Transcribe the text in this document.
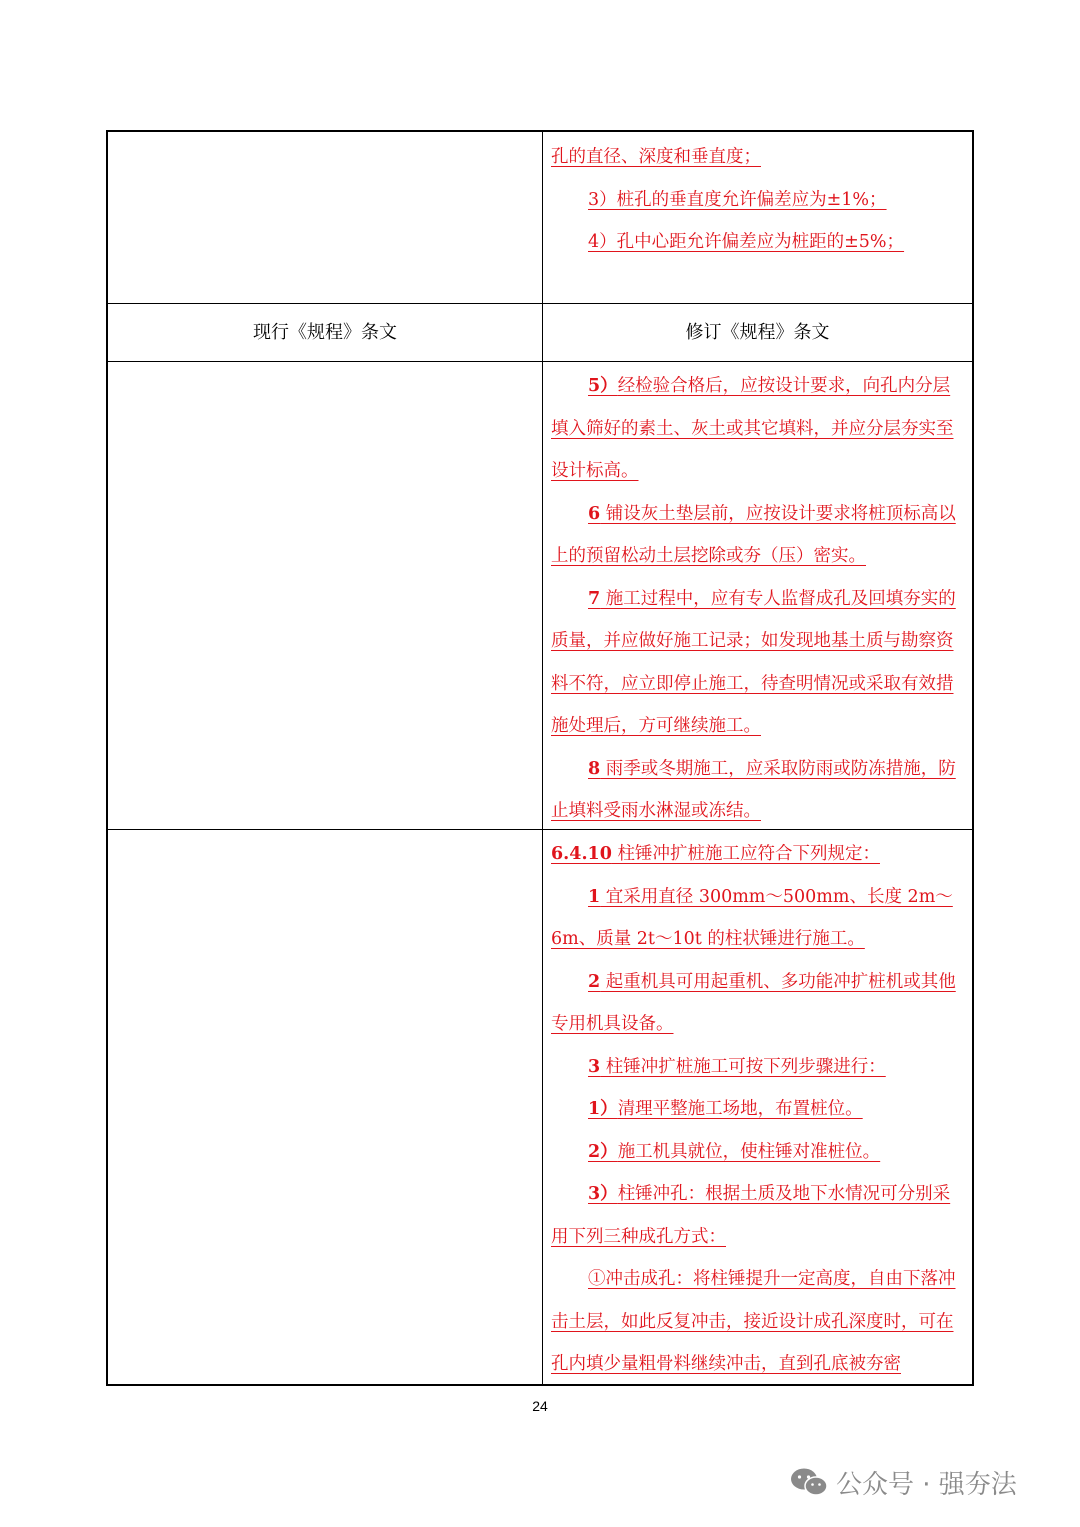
孔的直径、深度和垂直度；

3）桩孔的垂直度允许偏差应为±1%；

4）孔中心距允许偏差应为桩距的±5%；

现行《规程》条文	修订《规程》条文

5）经检验合格后，应按设计要求，向孔内分层填入筛好的素土、灰土或其它填料，并应分层夯实至设计标高。

6 铺设灰土垫层前，应按设计要求将桩顶标高以上的预留松动土层挖除或夯（压）密实。

7 施工过程中，应有专人监督成孔及回填夯实的质量，并应做好施工记录；如发现地基土质与勘察资料不符，应立即停止施工，待查明情况或采取有效措施处理后，方可继续施工。

8 雨季或冬期施工，应采取防雨或防冻措施，防止填料受雨水淋湿或冻结。

6.4.10 柱锤冲扩桩施工应符合下列规定：

1 宜采用直径 300mm～500mm、长度 2m～6m、质量 2t～10t 的柱状锤进行施工。

2 起重机具可用起重机、多功能冲扩桩机或其他专用机具设备。

3 柱锤冲扩桩施工可按下列步骤进行：

1）清理平整施工场地，布置桩位。

2）施工机具就位，使柱锤对准桩位。

3）柱锤冲孔：根据土质及地下水情况可分别采用下列三种成孔方式：

①冲击成孔：将柱锤提升一定高度，自由下落冲击土层，如此反复冲击，接近设计成孔深度时，可在孔内填少量粗骨料继续冲击，直到孔底被夯密

24
公众号 · 强夯法
